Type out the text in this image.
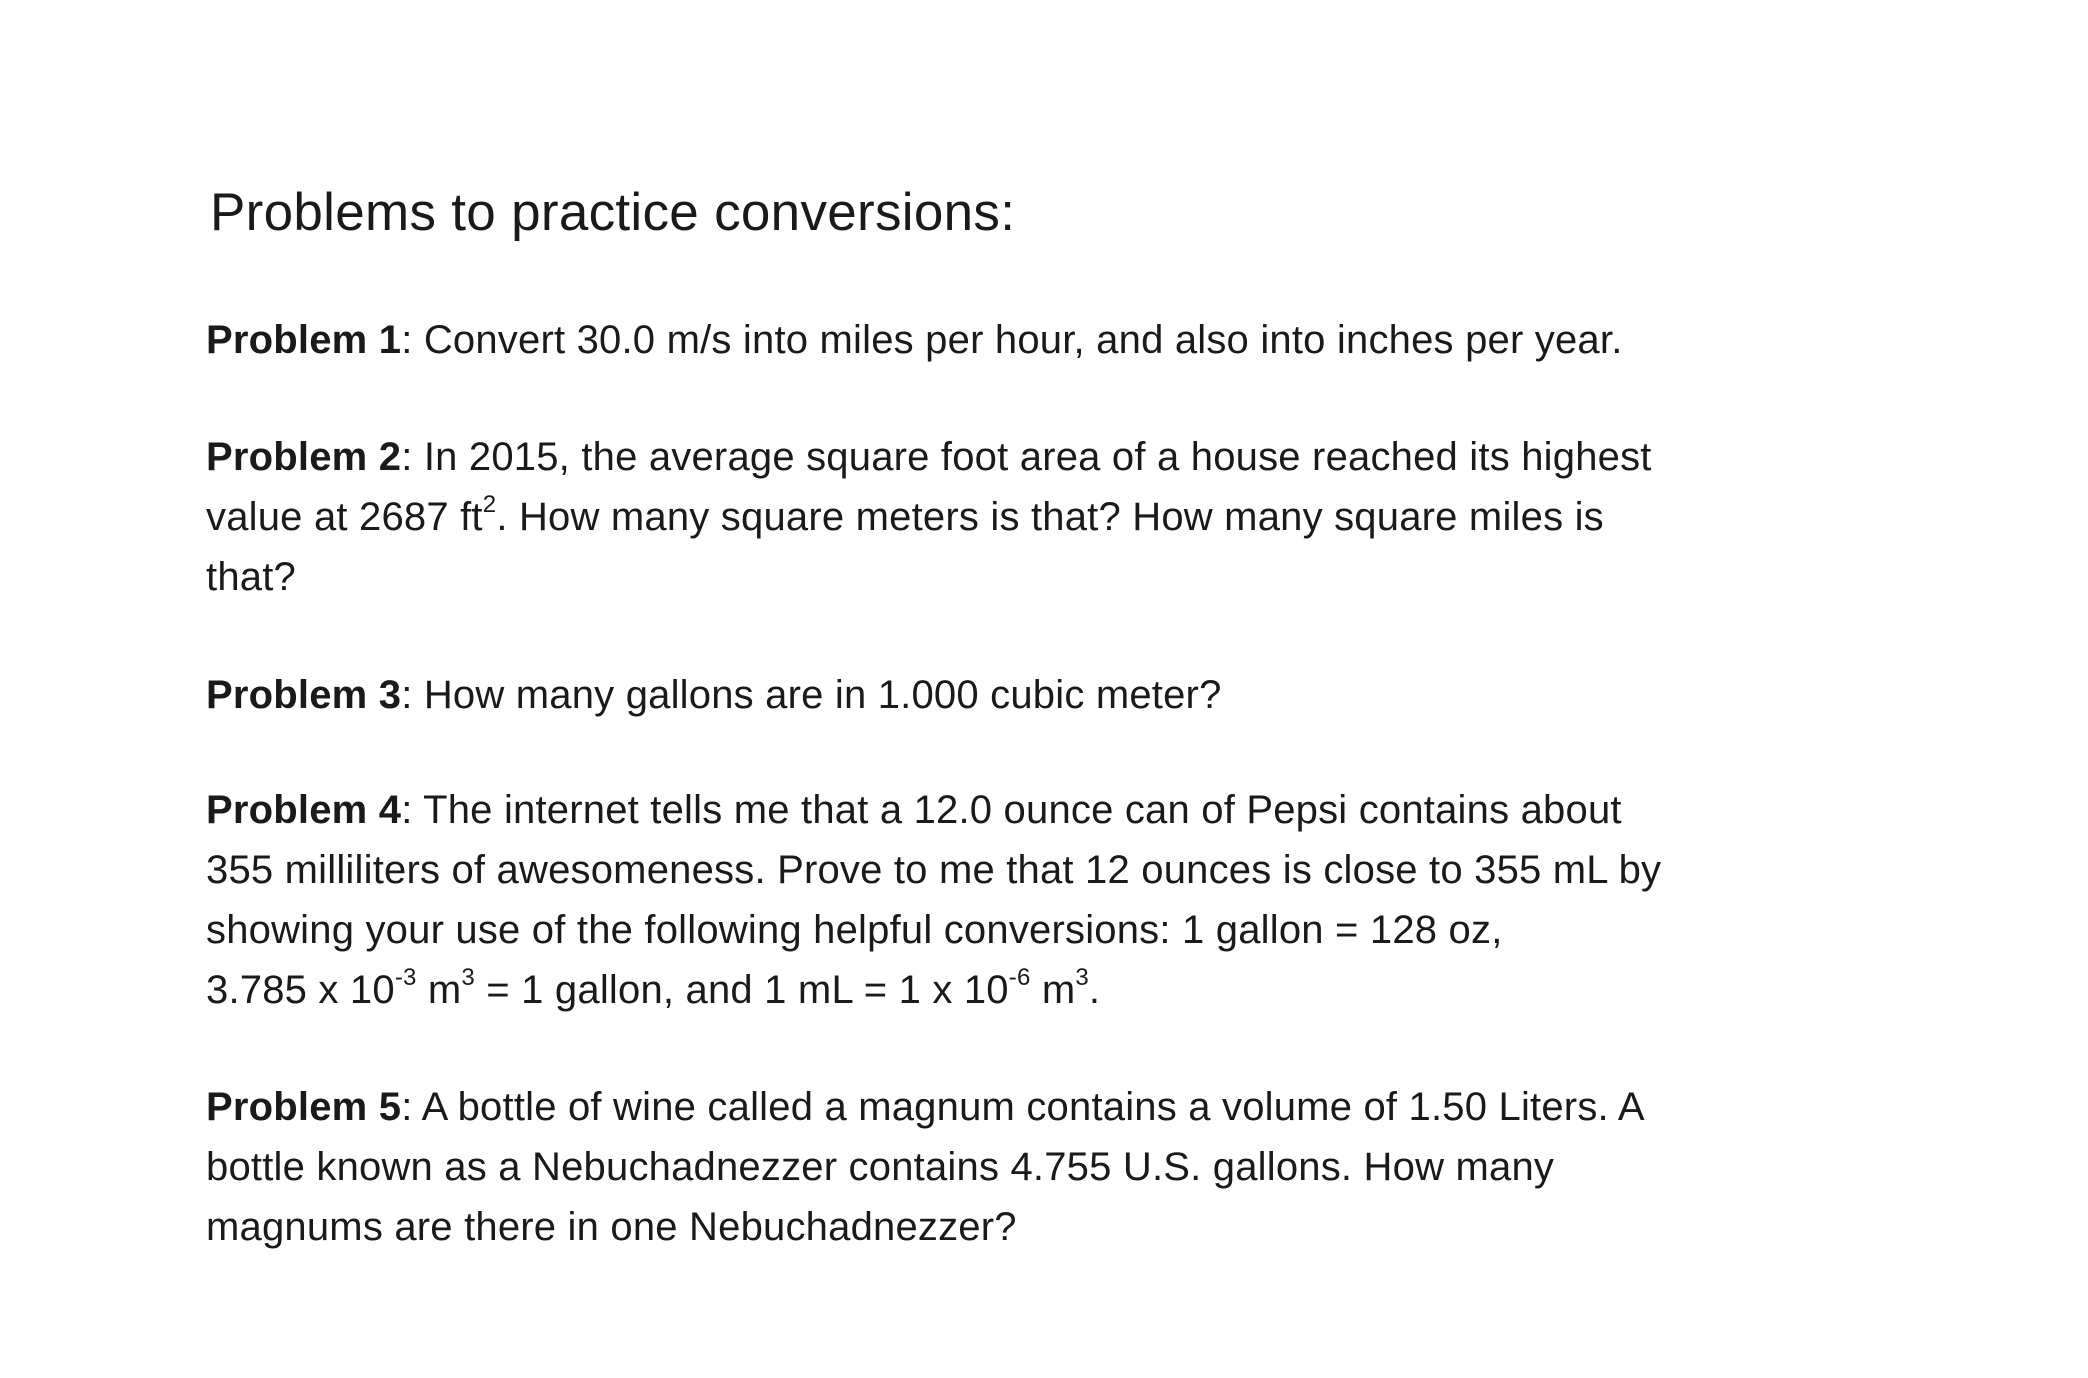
Problems to practice conversions:
Problem 1: Convert 30.0 m/s into miles per hour, and also into inches per year.
Problem 2: In 2015, the average square foot area of a house reached its highest
value at 2687 $ft^2$. How many square meters is that? How many square miles is
that?
Problem 3: How many gallons are in 1.000 cubic meter?
Problem 4: The internet tells me that a 12.0 ounce can of Pepsi contains about
355 milliliters of awesomeness. Prove to me that 12 ounces is close to 355 mL by
showing your use of the following helpful conversions: 1 gallon = 128 oz,
3.785 x $10^{-3}$ $m^3 = 1$ gallon, and 1 mL = 1 x $10^{-6}$ $m^3$.
Problem 5: A bottle of wine called a magnum contains a volume of 1.50 Liters. A
bottle known as a Nebuchadnezzer contains 4.755 U.S. gallons. How many
magnums are there in one Nebuchadnezzer?
